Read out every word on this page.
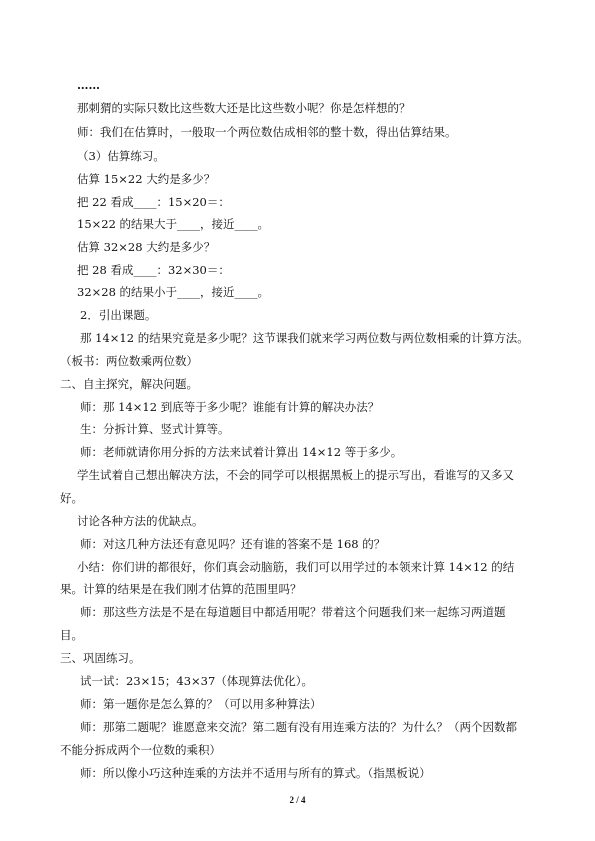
……
那刺猬的实际只数比这些数大还是比这些数小呢？你是怎样想的？
师：我们在估算时，一般取一个两位数估成相邻的整十数，得出估算结果。
（3）估算练习。
估算 15×22 大约是多少？
把 22 看成____：15×20＝：
15×22 的结果大于____，接近____。
估算 32×28 大约是多少？
把 28 看成____：32×30＝：
32×28 的结果小于____，接近____。
2．引出课题。
那 14×12 的结果究竟是多少呢？这节课我们就来学习两位数与两位数相乘的计算方法。
（板书：两位数乘两位数）
二、自主探究，解决问题。
师：那 14×12 到底等于多少呢？谁能有计算的解决办法？
生：分拆计算、竖式计算等。
师：老师就请你用分拆的方法来试着计算出 14×12 等于多少。
学生试着自己想出解决方法，不会的同学可以根据黑板上的提示写出，看谁写的又多又
好。
讨论各种方法的优缺点。
师：对这几种方法还有意见吗？还有谁的答案不是 168 的？
小结：你们讲的都很好，你们真会动脑筋，我们可以用学过的本领来计算 14×12 的结
果。计算的结果是在我们刚才估算的范围里吗？
师：那这些方法是不是在每道题目中都适用呢？带着这个问题我们来一起练习两道题
目。
三、巩固练习。
试一试：23×15；43×37（体现算法优化）。
师：第一题你是怎么算的？（可以用多种算法）
师：那第二题呢？谁愿意来交流？第二题有没有用连乘方法的？为什么？（两个因数都
不能分拆成两个一位数的乘积）
师：所以像小巧这种连乘的方法并不适用与所有的算式。（指黑板说）
2 / 4
